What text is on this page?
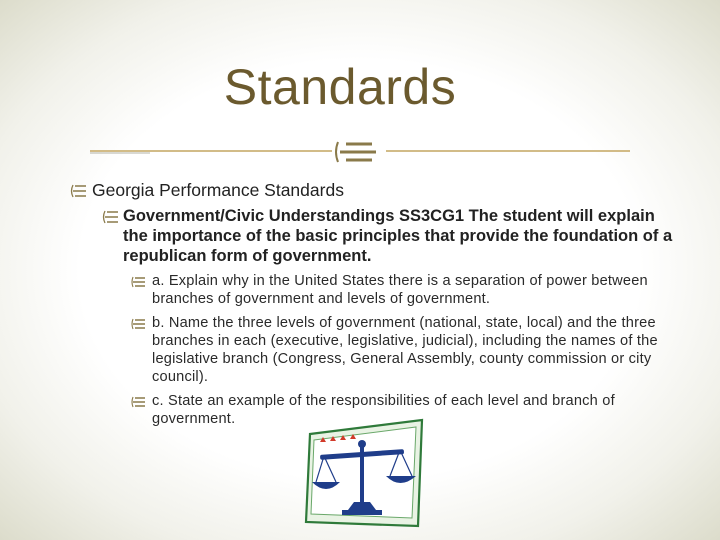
Standards
Georgia Performance Standards
Government/Civic Understandings SS3CG1 The student will explain the importance of the basic principles that provide the foundation of a republican form of government.
a. Explain why in the United States there is a separation of power between branches of government and levels of government.
b. Name the three levels of government (national, state, local) and the three branches in each (executive, legislative, judicial), including the names of the legislative branch (Congress, General Assembly, county commission or city council).
c. State an example of the responsibilities of each level and branch of government.
